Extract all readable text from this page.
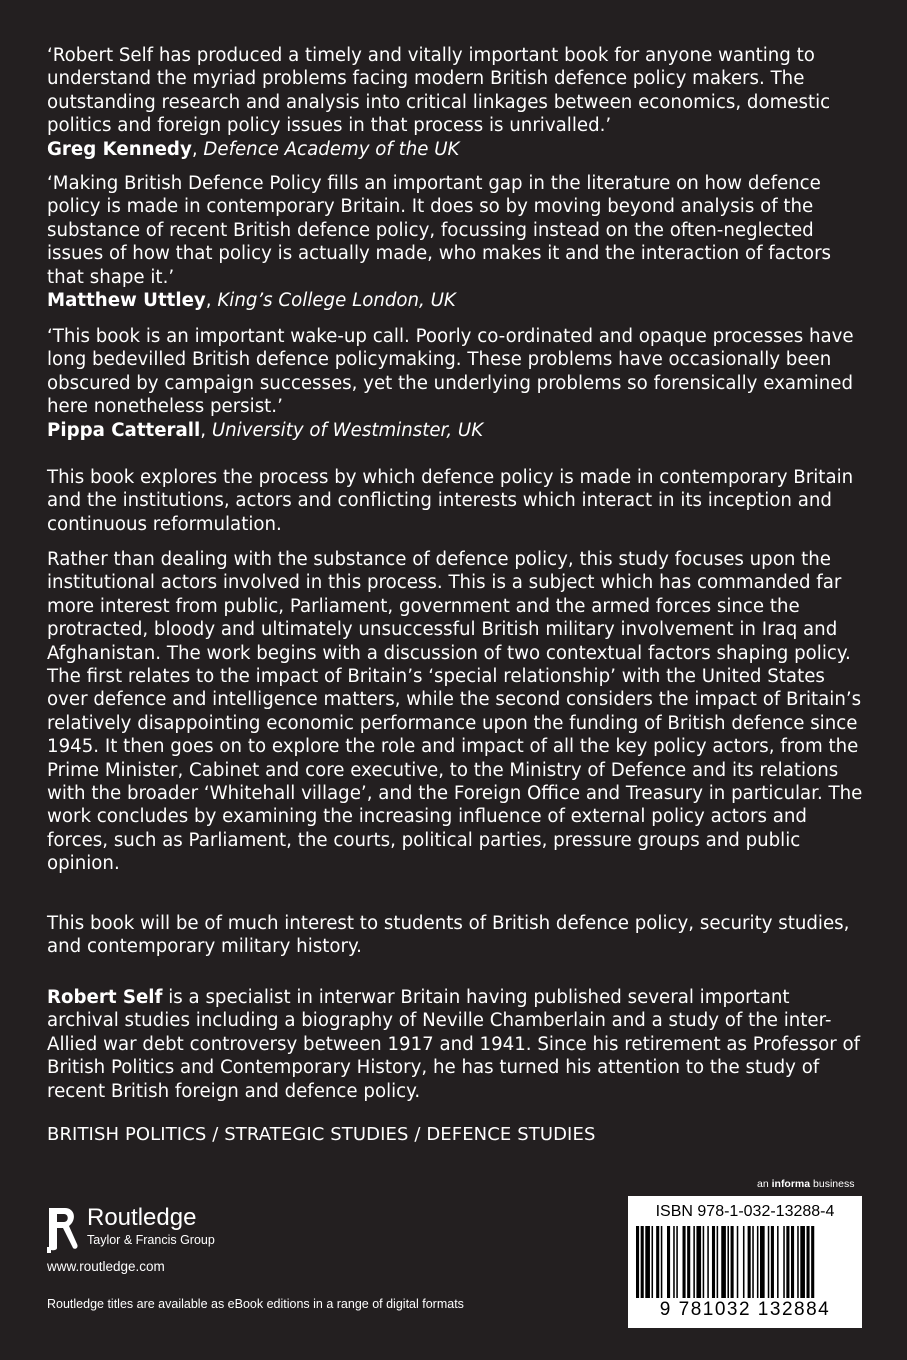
‘Robert Self has produced a timely and vitally important book for anyone wanting to understand the myriad problems facing modern British defence policy makers. The outstanding research and analysis into critical linkages between economics, domestic politics and foreign policy issues in that process is unrivalled.’

Greg Kennedy, Defence Academy of the UK

‘Making British Defence Policy fills an important gap in the literature on how defence policy is made in contemporary Britain. It does so by moving beyond analysis of the substance of recent British defence policy, focussing instead on the often-neglected issues of how that policy is actually made, who makes it and the interaction of factors that shape it.’

Matthew Uttley, King’s College London, UK

‘This book is an important wake-up call. Poorly co-ordinated and opaque processes have long bedevilled British defence policymaking. These problems have occasionally been obscured by campaign successes, yet the underlying problems so forensically examined here nonetheless persist.’

Pippa Catterall, University of Westminster, UK

This book explores the process by which defence policy is made in contemporary Britain and the institutions, actors and conflicting interests which interact in its inception and continuous reformulation.

Rather than dealing with the substance of defence policy, this study focuses upon the institutional actors involved in this process. This is a subject which has commanded far more interest from public, Parliament, government and the armed forces since the protracted, bloody and ultimately unsuccessful British military involvement in Iraq and Afghanistan. The work begins with a discussion of two contextual factors shaping policy. The first relates to the impact of Britain’s ‘special relationship’ with the United States over defence and intelligence matters, while the second considers the impact of Britain’s relatively disappointing economic performance upon the funding of British defence since 1945. It then goes on to explore the role and impact of all the key policy actors, from the Prime Minister, Cabinet and core executive, to the Ministry of Defence and its relations with the broader ‘Whitehall village’, and the Foreign Office and Treasury in particular. The work concludes by examining the increasing influence of external policy actors and forces, such as Parliament, the courts, political parties, pressure groups and public opinion.

This book will be of much interest to students of British defence policy, security studies, and contemporary military history.

Robert Self is a specialist in interwar Britain having published several important archival studies including a biography of Neville Chamberlain and a study of the inter-Allied war debt controversy between 1917 and 1941. Since his retirement as Professor of British Politics and Contemporary History, he has turned his attention to the study of recent British foreign and defence policy.

BRITISH POLITICS / STRATEGIC STUDIES / DEFENCE STUDIES
an informa business
Routledge
Taylor & Francis Group
www.routledge.com
Routledge titles are available as eBook editions in a range of digital formats
ISBN 978-1-032-13288-4
9 781032 132884
